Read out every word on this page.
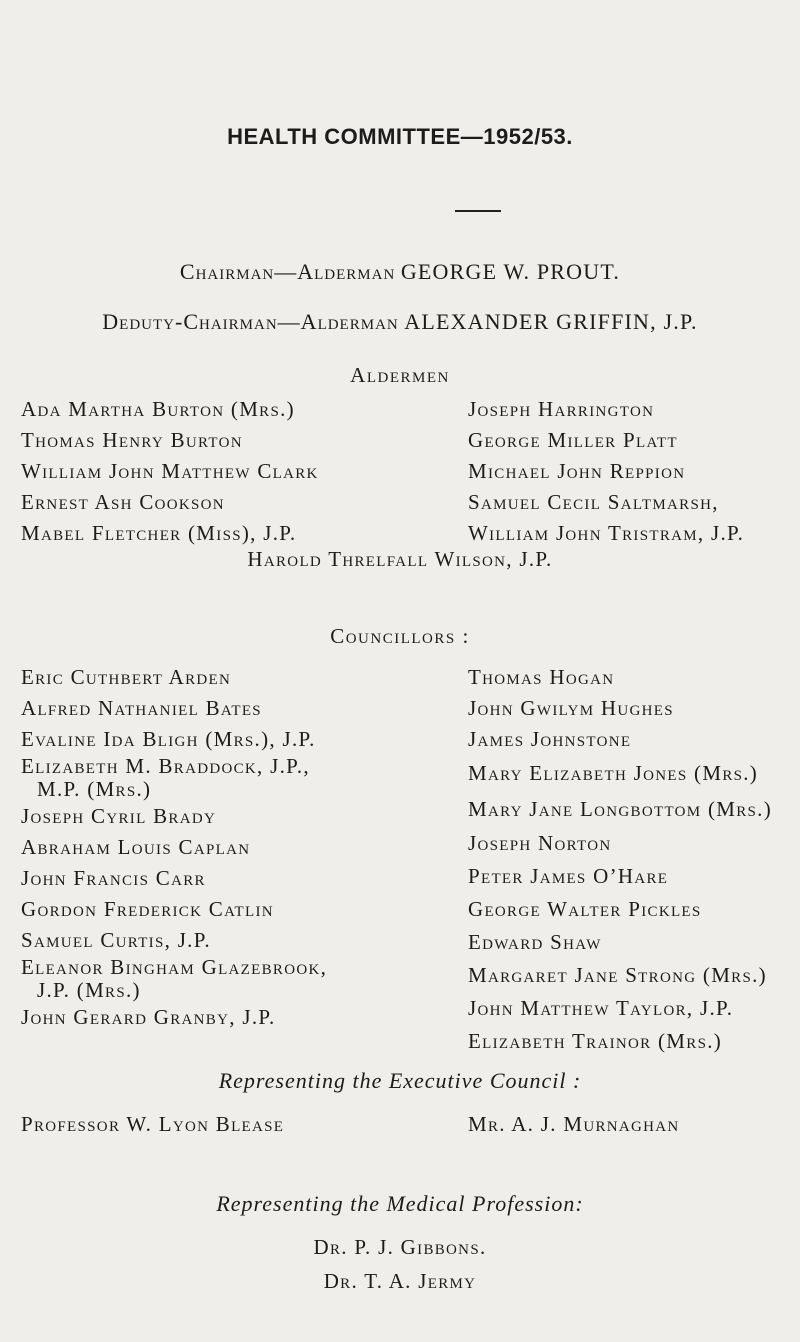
HEALTH COMMITTEE—1952/53.
Chairman—Alderman GEORGE W. PROUT.
Deduty-Chairman—Alderman ALEXANDER GRIFFIN, J.P.
Aldermen
Ada Martha Burton (Mrs.)
Thomas Henry Burton
William John Matthew Clark
Ernest Ash Cookson
Mabel Fletcher (Miss), J.P.
Joseph Harrington
George Miller Platt
Michael John Reppion
Samuel Cecil Saltmarsh,
William John Tristram, J.P.
Harold Threlfall Wilson, J.P.
Councillors :
Eric Cuthbert Arden
Alfred Nathaniel Bates
Evaline Ida Bligh (Mrs.), J.P.
Elizabeth M. Braddock, J.P.,
M.P. (Mrs.)
Joseph Cyril Brady
Abraham Louis Caplan
John Francis Carr
Gordon Frederick Catlin
Samuel Curtis, J.P.
Eleanor Bingham Glazebrook,
J.P. (Mrs.)
John Gerard Granby, J.P.
Thomas Hogan
John Gwilym Hughes
James Johnstone
Mary Elizabeth Jones (Mrs.)
Mary Jane Longbottom (Mrs.)
Joseph Norton
Peter James O’Hare
George Walter Pickles
Edward Shaw
Margaret Jane Strong (Mrs.)
John Matthew Taylor, J.P.
Elizabeth Trainor (Mrs.)
Representing the Executive Council :
Professor W. Lyon Blease	Mr. A. J. Murnaghan
Representing the Medical Profession:
Dr. P. J. Gibbons.
Dr. T. A. Jermy
